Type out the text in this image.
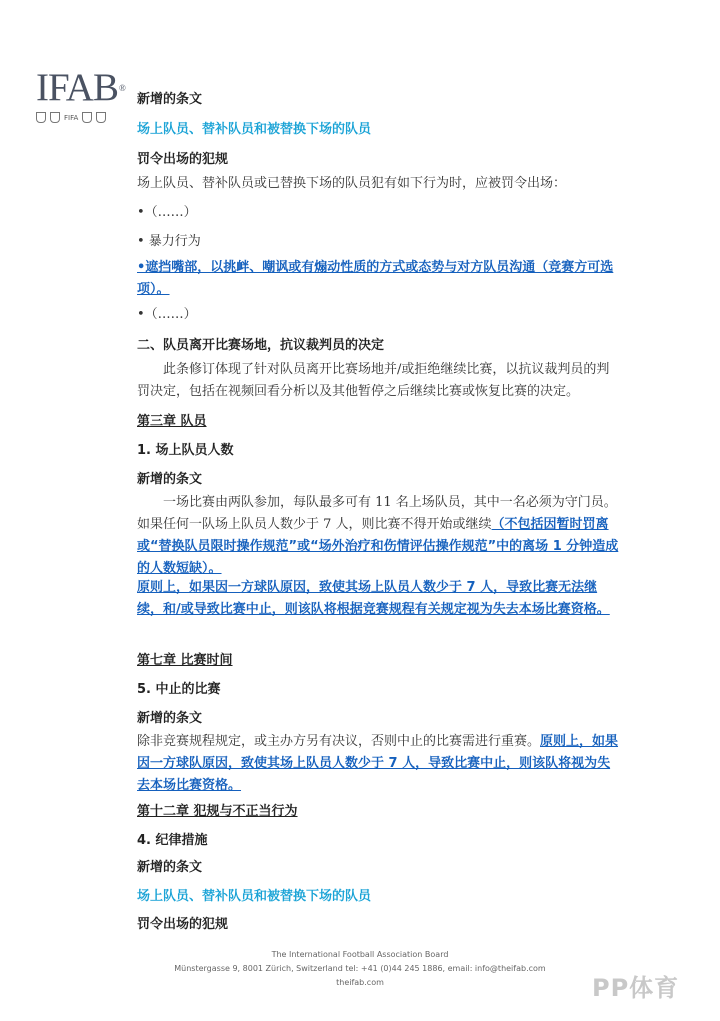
IFAB®
FIFA
新增的条文
场上队员、替补队员和被替换下场的队员
罚令出场的犯规
场上队员、替补队员或已替换下场的队员犯有如下行为时，应被罚令出场：
•（……）
• 暴力行为
•遮挡嘴部，以挑衅、嘲讽或有煽动性质的方式或态势与对方队员沟通（竞赛方可选项）。
•（……）
二、队员离开比赛场地，抗议裁判员的决定
此条修订体现了针对队员离开比赛场地并/或拒绝继续比赛，以抗议裁判员的判罚决定，包括在视频回看分析以及其他暂停之后继续比赛或恢复比赛的决定。
第三章 队员
1. 场上队员人数
新增的条文
一场比赛由两队参加，每队最多可有 11 名上场队员，其中一名必须为守门员。如果任何一队场上队员人数少于 7 人，则比赛不得开始或继续（不包括因暂时罚离或“替换队员限时操作规范”或“场外治疗和伤情评估操作规范”中的离场 1 分钟造成的人数短缺）。
原则上，如果因一方球队原因，致使其场上队员人数少于 7 人，导致比赛无法继续，和/或导致比赛中止，则该队将根据竞赛规程有关规定视为失去本场比赛资格。
第七章 比赛时间
5. 中止的比赛
新增的条文
除非竞赛规程规定，或主办方另有决议，否则中止的比赛需进行重赛。原则上，如果因一方球队原因，致使其场上队员人数少于 7 人，导致比赛中止，则该队将视为失去本场比赛资格。
第十二章 犯规与不正当行为
4. 纪律措施
新增的条文
场上队员、替补队员和被替换下场的队员
罚令出场的犯规
The International Football Association Board
Münstergasse 9, 8001 Zürich, Switzerland tel: +41 (0)44 245 1886, email: info@theifab.com
theifab.com	PP体育
